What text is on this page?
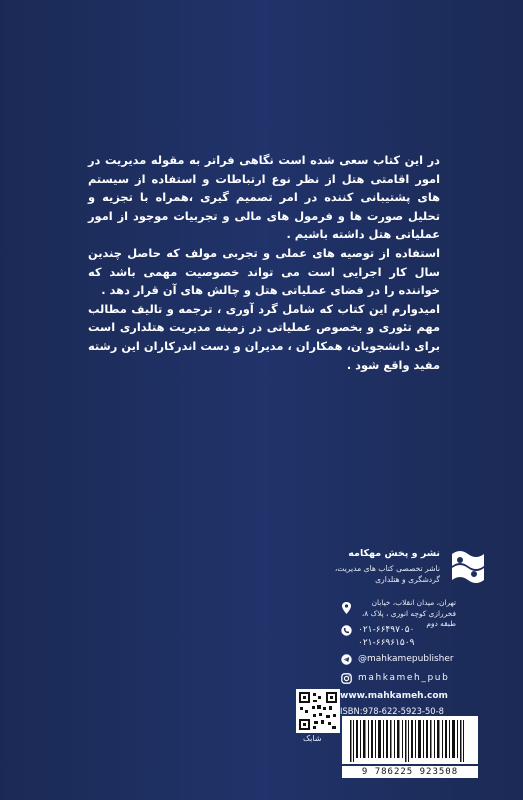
در این کتاب سعی شده است نگاهی فراتر به مقوله مدیریت در امور اقامتی هتل از نظر نوع ارتباطات و استفاده از سیستم های پشتیبانی کننده در امر تصمیم گیری ،همراه با تجزیه و تحلیل صورت ها و فرمول های مالی و تجربیات موجود از امور عملیاتی هتل داشته باشیم .

استفاده از توصیه های عملی و تجربی مولف که حاصل چندین سال کار اجرایی است می تواند خصوصیت مهمی باشد که خواننده را در فضای عملیاتی هتل و چالش های آن قرار دهد .

امیدوارم این کتاب که شامل گرد آوری ، ترجمه و تالیف مطالب مهم تئوری و بخصوص عملیاتی در زمینه مدیریت هتلداری است برای دانشجویان، همکاران ، مدیران و دست اندرکاران این رشته مفید واقع شود .

نشر و پخش مهکامه
ناشر تخصصی کتاب های مدیریت، گردشگری و هتلداری
تهران، میدان انقلاب، خیابان فخررازی کوچه انوری ، پلاک ۸، طبقه دوم
۰۲۱-۶۶۴۹۷۰۵۰
۰۲۱-۶۶۹۶۱۵۰۹
@mahkamepublisher
mahkameh_pub
www.mahkameh.com
ISBN:978-622-5923-50-8
شابک
9 786225 923508
